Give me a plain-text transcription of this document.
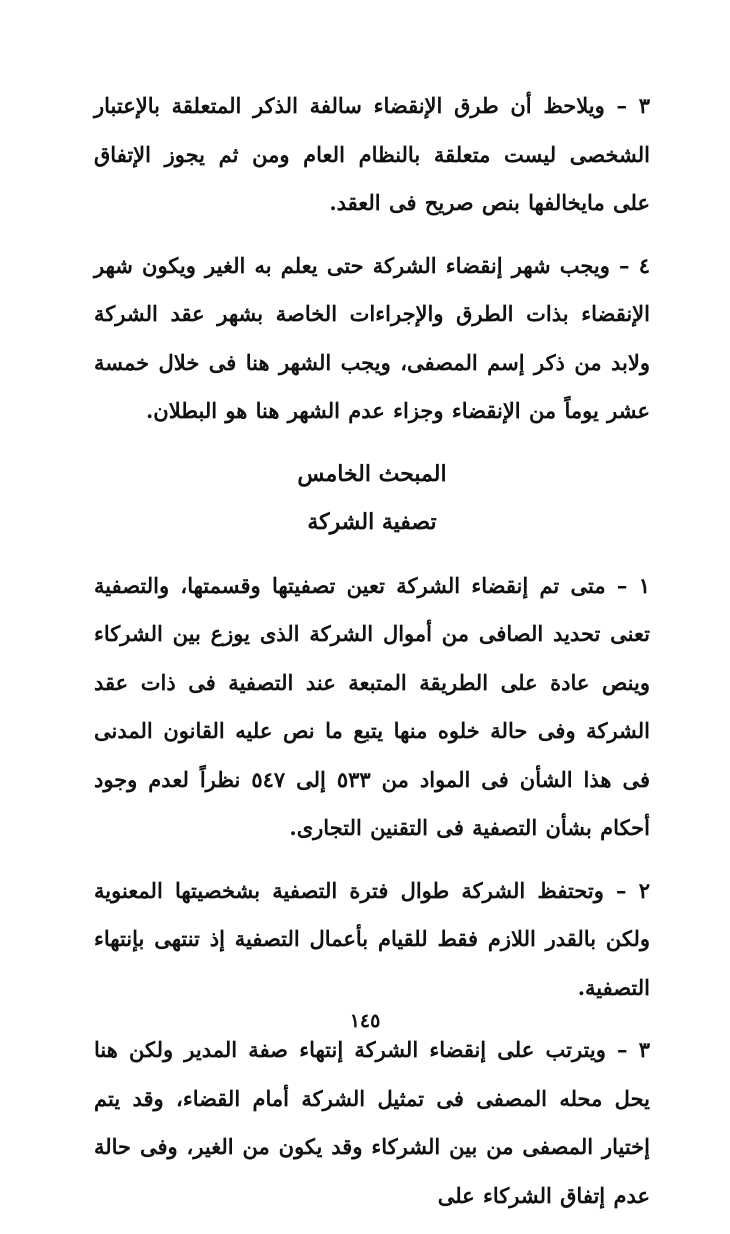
٣ – ويلاحظ أن طرق الإنقضاء سالفة الذكر المتعلقة بالإعتبار الشخصى ليست متعلقة بالنظام العام ومن ثم يجوز الإتفاق على مايخالفها بنص صريح فى العقد.

٤ – ويجب شهر إنقضاء الشركة حتى يعلم به الغير ويكون شهر الإنقضاء بذات الطرق والإجراءات الخاصة بشهر عقد الشركة ولابد من ذكر إسم المصفى، ويجب الشهر هنا فى خلال خمسة عشر يوماً من الإنقضاء وجزاء عدم الشهر هنا هو البطلان.

المبحث الخامس
تصفية الشركة

١ – متى تم إنقضاء الشركة تعين تصفيتها وقسمتها، والتصفية تعنى تحديد الصافى من أموال الشركة الذى يوزع بين الشركاء وينص عادة على الطريقة المتبعة عند التصفية فى ذات عقد الشركة وفى حالة خلوه منها يتبع ما نص عليه القانون المدنى فى هذا الشأن فى المواد من ٥٣٣ إلى ٥٤٧ نظراً لعدم وجود أحكام بشأن التصفية فى التقنين التجارى.

٢ – وتحتفظ الشركة طوال فترة التصفية بشخصيتها المعنوية ولكن بالقدر اللازم فقط للقيام بأعمال التصفية إذ تنتهى بإنتهاء التصفية.

٣ – ويترتب على إنقضاء الشركة إنتهاء صفة المدير ولكن هنا يحل محله المصفى فى تمثيل الشركة أمام القضاء، وقد يتم إختيار المصفى من بين الشركاء وقد يكون من الغير، وفى حالة عدم إتفاق الشركاء على

١٤٥
